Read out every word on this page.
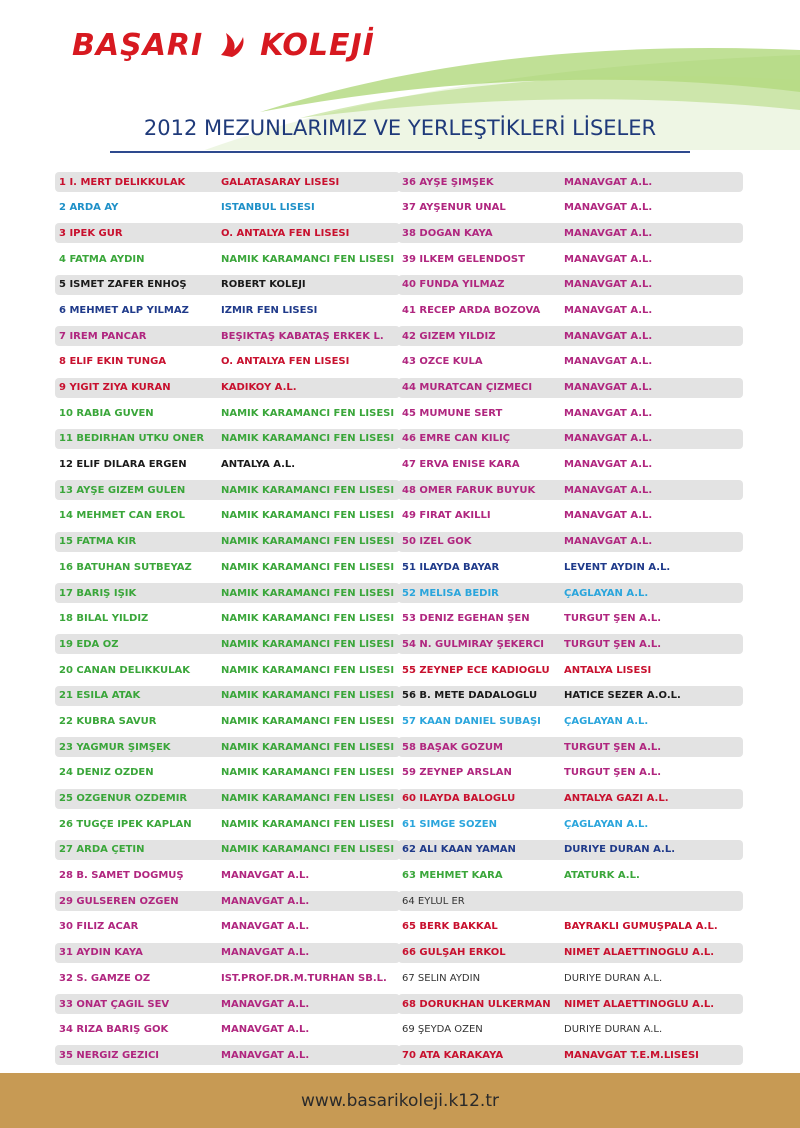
BAŞARI KOLEJİ
2012 MEZUNLARIMIZ VE YERLEŞTİKLERİ LİSELER
1 İ. MERT DELİKKULAK	GALATASARAY LİSESİ
2 ARDA AY	İSTANBUL LİSESİ
3 İPEK GÜR	Ö. ANTALYA FEN LİSESİ
4 FATMA AYDIN	NAMIK KARAMANCI FEN LİSESİ
5 İSMET ZAFER ENHOŞ	ROBERT KOLEJİ
6 MEHMET ALP YILMAZ	İZMİR FEN LİSESİ
7 İREM PANCAR	BEŞİKTAŞ KABATAŞ ERKEK L.
8 ELİF EKİN TUNGA	Ö. ANTALYA FEN LİSESİ
9 YİĞİT ZİYA KURAN	KADIKÖY A.L.
10 RABİA GÜVEN	NAMIK KARAMANCI FEN LİSESİ
11 BEDİRHAN UTKU ÖNER	NAMIK KARAMANCI FEN LİSESİ
12 ELİF DİLARA ERGEN	ANTALYA A.L.
13 AYŞE GİZEM GÜLEN	NAMIK KARAMANCI FEN LİSESİ
14 MEHMET CAN EROL	NAMIK KARAMANCI FEN LİSESİ
15 FATMA KIR	NAMIK KARAMANCI FEN LİSESİ
16 BATUHAN SÜTBEYAZ	NAMIK KARAMANCI FEN LİSESİ
17 BARIŞ IŞIK	NAMIK KARAMANCI FEN LİSESİ
18 BİLAL YILDIZ	NAMIK KARAMANCI FEN LİSESİ
19 EDA ÖZ	NAMIK KARAMANCI FEN LİSESİ
20 CANAN DELİKKULAK	NAMIK KARAMANCI FEN LİSESİ
21 ESİLA ATAK	NAMIK KARAMANCI FEN LİSESİ
22 KÜBRA SAVUR	NAMIK KARAMANCI FEN LİSESİ
23 YAĞMUR ŞİMŞEK	NAMIK KARAMANCI FEN LİSESİ
24 DENİZ ÖZDEN	NAMIK KARAMANCI FEN LİSESİ
25 ÖZGENUR ÖZDEMİR	NAMIK KARAMANCI FEN LİSESİ
26 TUĞÇE İPEK KAPLAN	NAMIK KARAMANCI FEN LİSESİ
27 ARDA ÇETİN	NAMIK KARAMANCI FEN LİSESİ
28 B. SAMET DOĞMUŞ	MANAVGAT A.L.
29 GÜLSEREN ÖZGEN	MANAVGAT A.L.
30 FİLİZ ACAR	MANAVGAT A.L.
31 AYDIN KAYA	MANAVGAT A.L.
32 S. GAMZE ÖZ	İST.PROF.DR.M.TURHAN SB.L.
33 ONAT ÇAĞIL SEV	MANAVGAT A.L.
34 RIZA BARIŞ GÖK	MANAVGAT A.L.
35 NERGİZ GEZİCİ	MANAVGAT A.L.
36 AYŞE ŞİMŞEK	MANAVGAT A.L.
37 AYŞENUR ÜNAL	MANAVGAT A.L.
38 DOĞAN KAYA	MANAVGAT A.L.
39 İLKEM GELENDOST	MANAVGAT A.L.
40 FUNDA YILMAZ	MANAVGAT A.L.
41 RECEP ARDA BOZOVA	MANAVGAT A.L.
42 GİZEM YILDIZ	MANAVGAT A.L.
43 ÖZCE KULA	MANAVGAT A.L.
44 MURATCAN ÇİZMECİ	MANAVGAT A.L.
45 MÜMÜNE SERT	MANAVGAT A.L.
46 EMRE CAN KILIÇ	MANAVGAT A.L.
47 ERVA ENİSE KARA	MANAVGAT A.L.
48 ÖMER FARUK BÜYÜK	MANAVGAT A.L.
49 FIRAT AKILLI	MANAVGAT A.L.
50 İZEL GÖK	MANAVGAT A.L.
51 İLAYDA BAYAR	LEVENT AYDIN A.L.
52 MELİSA BEDİR	ÇAĞLAYAN A.L.
53 DENİZ EGEHAN ŞEN	TURGUT ŞEN A.L.
54 N. GÜLMİRAY ŞEKERCİ	TURGUT ŞEN A.L.
55 ZEYNEP ECE KADIOĞLU	ANTALYA LİSESİ
56 B. METE DADALOĞLU	HATİCE SEZER A.Ö.L.
57 KAAN DANİEL SUBAŞI	ÇAĞLAYAN A.L.
58 BAŞAK GÖZÜM	TURGUT ŞEN A.L.
59 ZEYNEP ARSLAN	TURGUT ŞEN A.L.
60 İLAYDA BALOĞLU	ANTALYA GAZİ A.L.
61 SİMGE SÖZEN	ÇAĞLAYAN A.L.
62 ALİ KAAN YAMAN	DÜRİYE DURAN A.L.
63 MEHMET KARA	ATATÜRK A.L.
64 EYLÜL ER
65 BERK BAKKAL	BAYRAKLI GÜMÜŞPALA A.L.
66 GÜLŞAH ERKOL	NİMET ALAETTİNOĞLU A.L.
67 SELİN AYDIN	DÜRİYE DURAN A.L.
68 DORUKHAN ÜLKERMAN	NİMET ALAETTİNOĞLU A.L.
69 ŞEYDA ÖZEN	DÜRİYE DURAN A.L.
70 ATA KARAKAYA	MANAVGAT T.E.M.LİSESİ
www.basarikoleji.k12.tr
